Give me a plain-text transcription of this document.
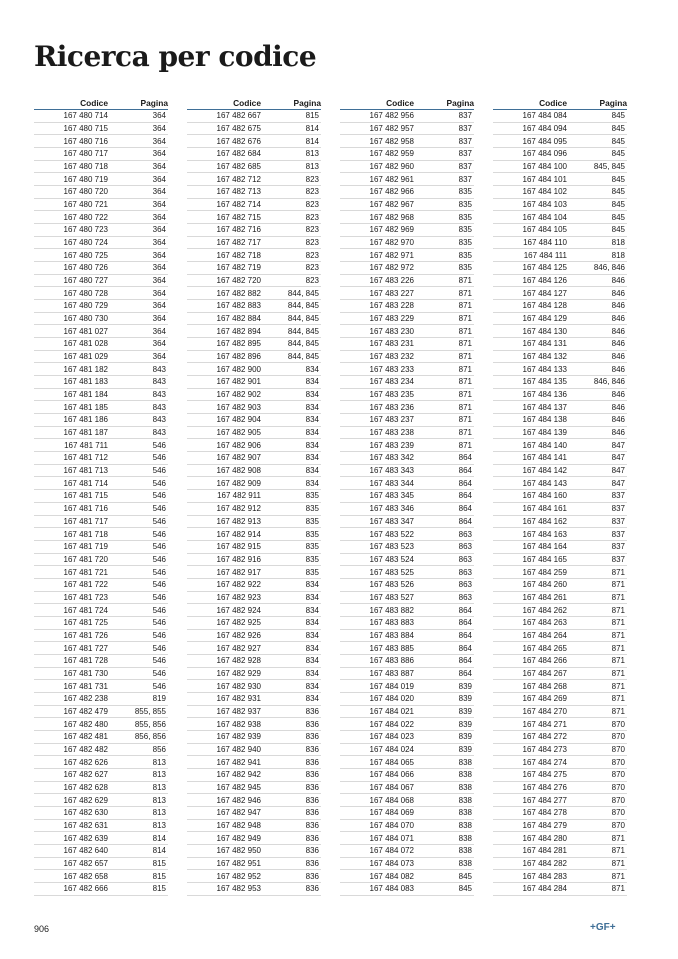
Ricerca per codice
Codice	Pagina
167 480 714	364
167 480 715	364
167 480 716	364
167 480 717	364
167 480 718	364
167 480 719	364
167 480 720	364
167 480 721	364
167 480 722	364
167 480 723	364
167 480 724	364
167 480 725	364
167 480 726	364
167 480 727	364
167 480 728	364
167 480 729	364
167 480 730	364
167 481 027	364
167 481 028	364
167 481 029	364
167 481 182	843
167 481 183	843
167 481 184	843
167 481 185	843
167 481 186	843
167 481 187	843
167 481 711	546
167 481 712	546
167 481 713	546
167 481 714	546
167 481 715	546
167 481 716	546
167 481 717	546
167 481 718	546
167 481 719	546
167 481 720	546
167 481 721	546
167 481 722	546
167 481 723	546
167 481 724	546
167 481 725	546
167 481 726	546
167 481 727	546
167 481 728	546
167 481 730	546
167 481 731	546
167 482 238	819
167 482 479	855, 855
167 482 480	855, 856
167 482 481	856, 856
167 482 482	856
167 482 626	813
167 482 627	813
167 482 628	813
167 482 629	813
167 482 630	813
167 482 631	813
167 482 639	814
167 482 640	814
167 482 657	815
167 482 658	815
167 482 666	815
Codice	Pagina
167 482 667	815
167 482 675	814
167 482 676	814
167 482 684	813
167 482 685	813
167 482 712	823
167 482 713	823
167 482 714	823
167 482 715	823
167 482 716	823
167 482 717	823
167 482 718	823
167 482 719	823
167 482 720	823
167 482 882	844, 845
167 482 883	844, 845
167 482 884	844, 845
167 482 894	844, 845
167 482 895	844, 845
167 482 896	844, 845
167 482 900	834
167 482 901	834
167 482 902	834
167 482 903	834
167 482 904	834
167 482 905	834
167 482 906	834
167 482 907	834
167 482 908	834
167 482 909	834
167 482 911	835
167 482 912	835
167 482 913	835
167 482 914	835
167 482 915	835
167 482 916	835
167 482 917	835
167 482 922	834
167 482 923	834
167 482 924	834
167 482 925	834
167 482 926	834
167 482 927	834
167 482 928	834
167 482 929	834
167 482 930	834
167 482 931	834
167 482 937	836
167 482 938	836
167 482 939	836
167 482 940	836
167 482 941	836
167 482 942	836
167 482 945	836
167 482 946	836
167 482 947	836
167 482 948	836
167 482 949	836
167 482 950	836
167 482 951	836
167 482 952	836
167 482 953	836
Codice	Pagina
167 482 956	837
167 482 957	837
167 482 958	837
167 482 959	837
167 482 960	837
167 482 961	837
167 482 966	835
167 482 967	835
167 482 968	835
167 482 969	835
167 482 970	835
167 482 971	835
167 482 972	835
167 483 226	871
167 483 227	871
167 483 228	871
167 483 229	871
167 483 230	871
167 483 231	871
167 483 232	871
167 483 233	871
167 483 234	871
167 483 235	871
167 483 236	871
167 483 237	871
167 483 238	871
167 483 239	871
167 483 342	864
167 483 343	864
167 483 344	864
167 483 345	864
167 483 346	864
167 483 347	864
167 483 522	863
167 483 523	863
167 483 524	863
167 483 525	863
167 483 526	863
167 483 527	863
167 483 882	864
167 483 883	864
167 483 884	864
167 483 885	864
167 483 886	864
167 483 887	864
167 484 019	839
167 484 020	839
167 484 021	839
167 484 022	839
167 484 023	839
167 484 024	839
167 484 065	838
167 484 066	838
167 484 067	838
167 484 068	838
167 484 069	838
167 484 070	838
167 484 071	838
167 484 072	838
167 484 073	838
167 484 082	845
167 484 083	845
Codice	Pagina
167 484 084	845
167 484 094	845
167 484 095	845
167 484 096	845
167 484 100	845, 845
167 484 101	845
167 484 102	845
167 484 103	845
167 484 104	845
167 484 105	845
167 484 110	818
167 484 111	818
167 484 125	846, 846
167 484 126	846
167 484 127	846
167 484 128	846
167 484 129	846
167 484 130	846
167 484 131	846
167 484 132	846
167 484 133	846
167 484 135	846, 846
167 484 136	846
167 484 137	846
167 484 138	846
167 484 139	846
167 484 140	847
167 484 141	847
167 484 142	847
167 484 143	847
167 484 160	837
167 484 161	837
167 484 162	837
167 484 163	837
167 484 164	837
167 484 165	837
167 484 259	871
167 484 260	871
167 484 261	871
167 484 262	871
167 484 263	871
167 484 264	871
167 484 265	871
167 484 266	871
167 484 267	871
167 484 268	871
167 484 269	871
167 484 270	871
167 484 271	870
167 484 272	870
167 484 273	870
167 484 274	870
167 484 275	870
167 484 276	870
167 484 277	870
167 484 278	870
167 484 279	870
167 484 280	871
167 484 281	871
167 484 282	871
167 484 283	871
167 484 284	871
906	+GF+
